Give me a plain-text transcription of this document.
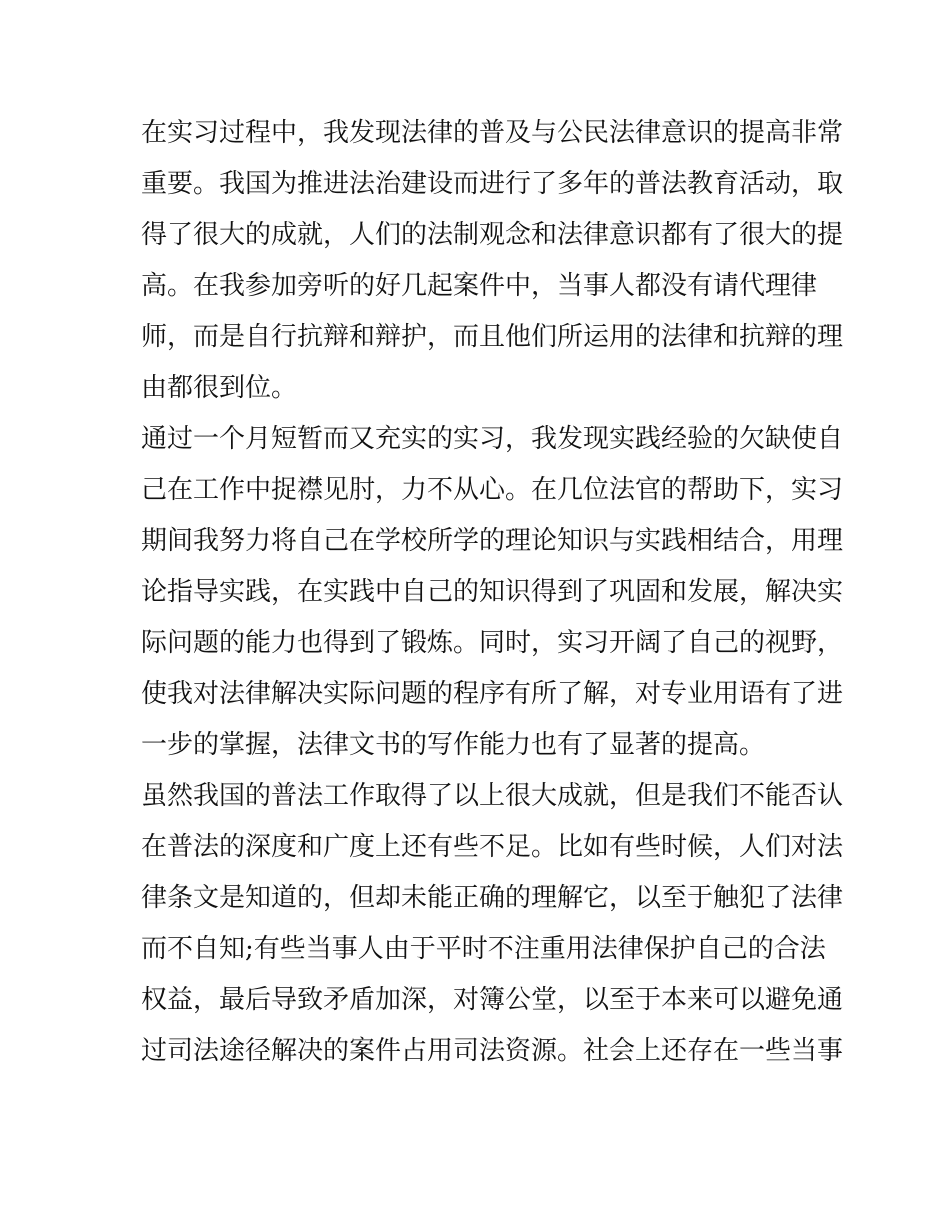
在实习过程中，我发现法律的普及与公民法律意识的提高非常
重要。我国为推进法治建设而进行了多年的普法教育活动，取
得了很大的成就，人们的法制观念和法律意识都有了很大的提
高。在我参加旁听的好几起案件中，当事人都没有请代理律
师，而是自行抗辩和辩护，而且他们所运用的法律和抗辩的理
由都很到位。
通过一个月短暂而又充实的实习，我发现实践经验的欠缺使自
己在工作中捉襟见肘，力不从心。在几位法官的帮助下，实习
期间我努力将自己在学校所学的理论知识与实践相结合，用理
论指导实践，在实践中自己的知识得到了巩固和发展，解决实
际问题的能力也得到了锻炼。同时，实习开阔了自己的视野，
使我对法律解决实际问题的程序有所了解，对专业用语有了进
一步的掌握，法律文书的写作能力也有了显著的提高。
虽然我国的普法工作取得了以上很大成就，但是我们不能否认
在普法的深度和广度上还有些不足。比如有些时候，人们对法
律条文是知道的，但却未能正确的理解它，以至于触犯了法律
而不自知;有些当事人由于平时不注重用法律保护自己的合法
权益，最后导致矛盾加深，对簿公堂，以至于本来可以避免通
过司法途径解决的案件占用司法资源。社会上还存在一些当事
